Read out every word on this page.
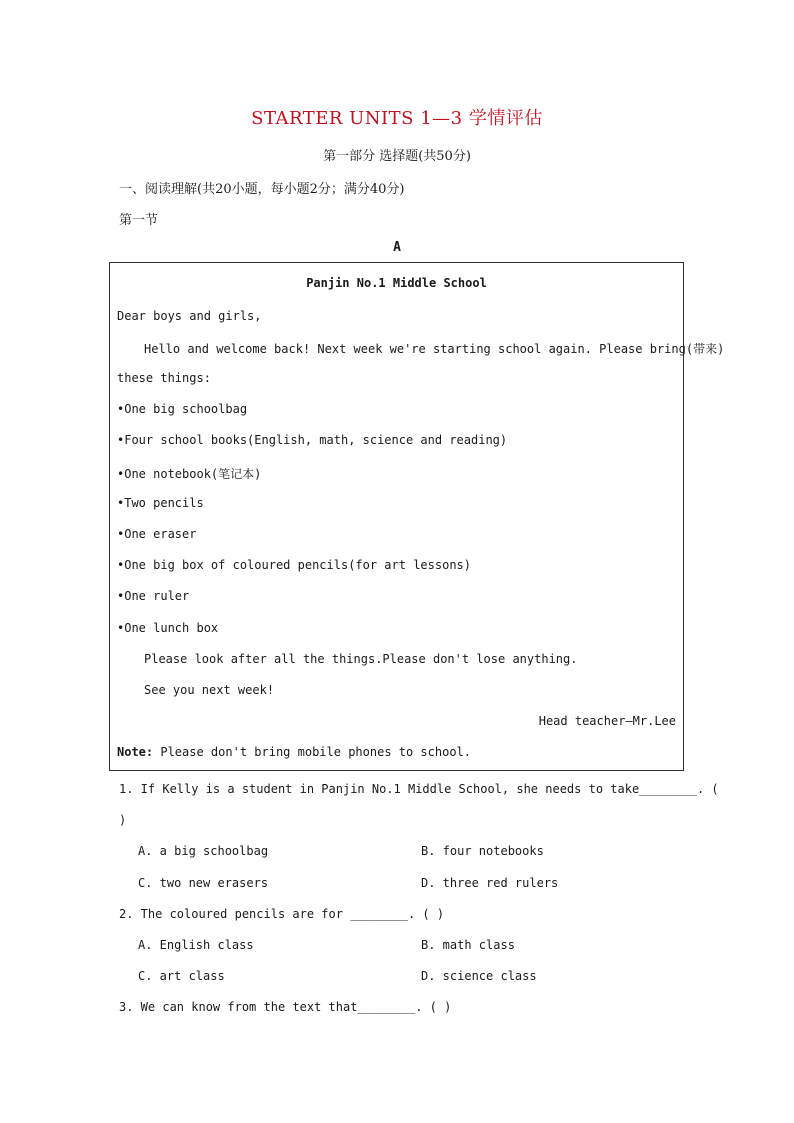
STARTER UNITS 1—3 学情评估
第一部分 选择题(共50分)
一、阅读理解(共20小题，每小题2分；满分40分)
第一节
A
Panjin No.1 Middle School
Dear boys and girls,
Hello and welcome back! Next week we're starting school again. Please bring(带来)
these things:
•One big schoolbag
•Four school books(English, math, science and reading)
•One notebook(笔记本)
•Two pencils
•One eraser
•One big box of coloured pencils(for art lessons)
•One ruler
•One lunch box
Please look after all the things.Please don't lose anything.
See you next week!
Head teacher—Mr.Lee
Note: Please don't bring mobile phones to school.
1. If Kelly is a student in Panjin No.1 Middle School, she needs to take________. (
)
A. a big schoolbag	B. four notebooks
C. two new erasers	D. three red rulers
2. The coloured pencils are for ________. ( )
A. English class	B. math class
C. art class	D. science class
3. We can know from the text that________. ( )
